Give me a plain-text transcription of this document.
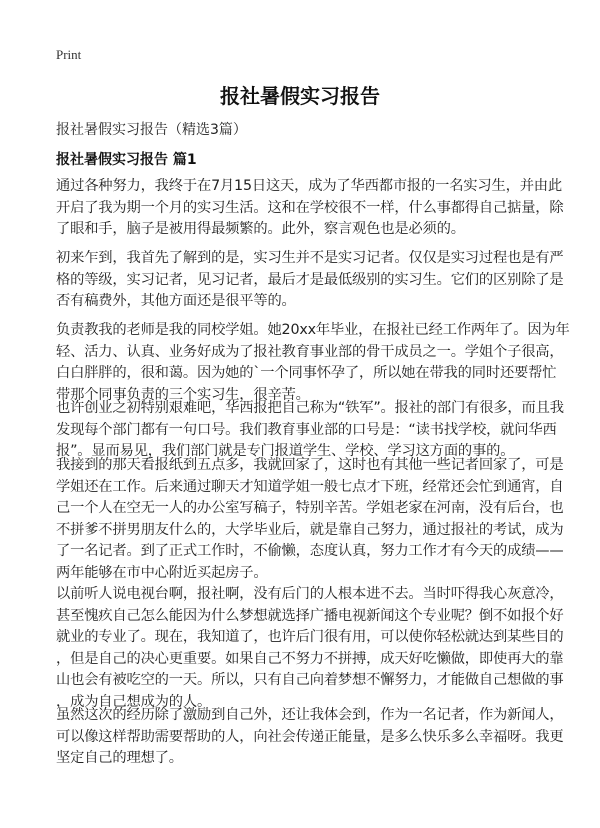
Print
报社暑假实习报告
报社暑假实习报告（精选3篇）
报社暑假实习报告 篇1
通过各种努力，我终于在7月15日这天，成为了华西都市报的一名实习生，并由此
开启了我为期一个月的实习生活。这和在学校很不一样，什么事都得自己掂量，除
了眼和手，脑子是被用得最频繁的。此外，察言观色也是必须的。
初来乍到，我首先了解到的是，实习生并不是实习记者。仅仅是实习过程也是有严
格的等级，实习记者，见习记者，最后才是最低级别的实习生。它们的区别除了是
否有稿费外，其他方面还是很平等的。
负责教我的老师是我的同校学姐。她20xx年毕业，在报社已经工作两年了。因为年
轻、活力、认真、业务好成为了报社教育事业部的骨干成员之一。学姐个子很高，
白白胖胖的，很和蔼。因为她的`一个同事怀孕了，所以她在带我的同时还要帮忙
带那个同事负责的三个实习生，很辛苦。
也许创业之初特别艰难吧，华西报把自己称为“铁军”。报社的部门有很多，而且我
发现每个部门都有一句口号。我们教育事业部的口号是：“读书找学校，就问华西
报”。显而易见，我们部门就是专门报道学生、学校、学习这方面的事的。
我接到的那天看报纸到五点多，我就回家了，这时也有其他一些记者回家了，可是
学姐还在工作。后来通过聊天才知道学姐一般七点才下班，经常还会忙到通宵，自
己一个人在空无一人的办公室写稿子，特别辛苦。学姐老家在河南，没有后台，也
不拼爹不拼男朋友什么的，大学毕业后，就是靠自己努力，通过报社的考试，成为
了一名记者。到了正式工作时，不偷懒，态度认真，努力工作才有今天的成绩——
两年能够在市中心附近买起房子。
以前听人说电视台啊，报社啊，没有后门的人根本进不去。当时吓得我心灰意冷，
甚至愧疚自己怎么能因为什么梦想就选择广播电视新闻这个专业呢？倒不如报个好
就业的专业了。现在，我知道了，也许后门很有用，可以使你轻松就达到某些目的
，但是自己的决心更重要。如果自己不努力不拼搏，成天好吃懒做，即使再大的靠
山也会有被吃空的一天。所以，只有自己向着梦想不懈努力，才能做自己想做的事
，成为自己想成为的人。
虽然这次的经历除了激励到自己外，还让我体会到，作为一名记者，作为新闻人，
可以像这样帮助需要帮助的人，向社会传递正能量，是多么快乐多么幸福呀。我更
坚定自己的理想了。
